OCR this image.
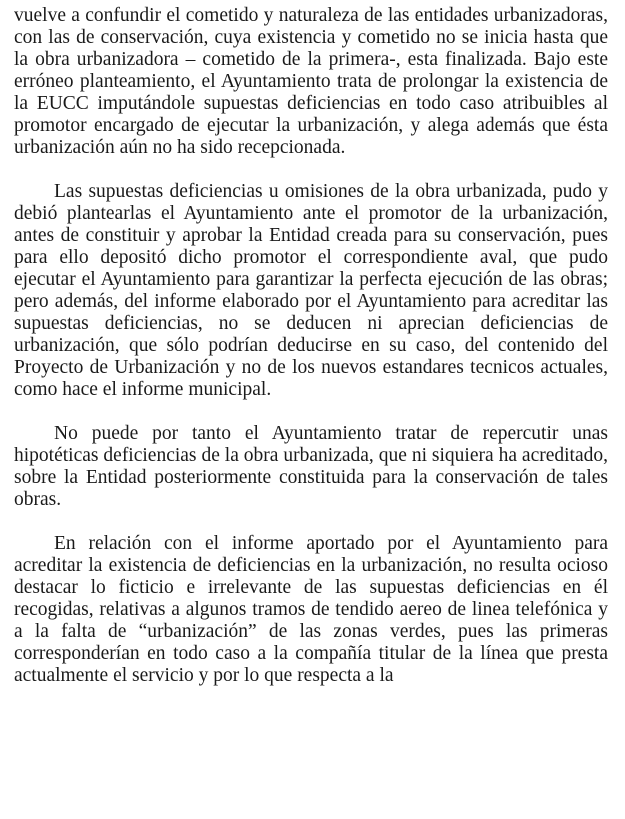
vuelve a confundir el cometido y naturaleza de las entidades urbanizadoras, con las de conservación, cuya existencia y cometido no se inicia hasta que la obra urbanizadora – cometido de la primera-, esta finalizada. Bajo este erróneo planteamiento, el Ayuntamiento trata de prolongar la existencia de la EUCC imputándole supuestas deficiencias en todo caso atribuibles al promotor encargado de ejecutar la urbanización, y alega además que ésta urbanización aún no ha sido recepcionada.

Las supuestas deficiencias u omisiones de la obra urbanizada, pudo y debió plantearlas el Ayuntamiento ante el promotor de la urbanización, antes de constituir y aprobar la Entidad creada para su conservación, pues para ello depositó dicho promotor el correspondiente aval, que pudo ejecutar el Ayuntamiento para garantizar la perfecta ejecución de las obras; pero además, del informe elaborado por el Ayuntamiento para acreditar las supuestas deficiencias, no se deducen ni aprecian deficiencias de urbanización, que sólo podrían deducirse en su caso, del contenido del Proyecto de Urbanización y no de los nuevos estandares tecnicos actuales, como hace el informe municipal.

No puede por tanto el Ayuntamiento tratar de repercutir unas hipotéticas deficiencias de la obra urbanizada, que ni siquiera ha acreditado, sobre la Entidad posteriormente constituida para la conservación de tales obras.

En relación con el informe aportado por el Ayuntamiento para acreditar la existencia de deficiencias en la urbanización, no resulta ocioso destacar lo ficticio e irrelevante de las supuestas deficiencias en él recogidas, relativas a algunos tramos de tendido aereo de linea telefónica y a la falta de “urbanización” de las zonas verdes, pues las primeras corresponderían en todo caso a la compañía titular de la línea que presta actualmente el servicio y por lo que respecta a la
